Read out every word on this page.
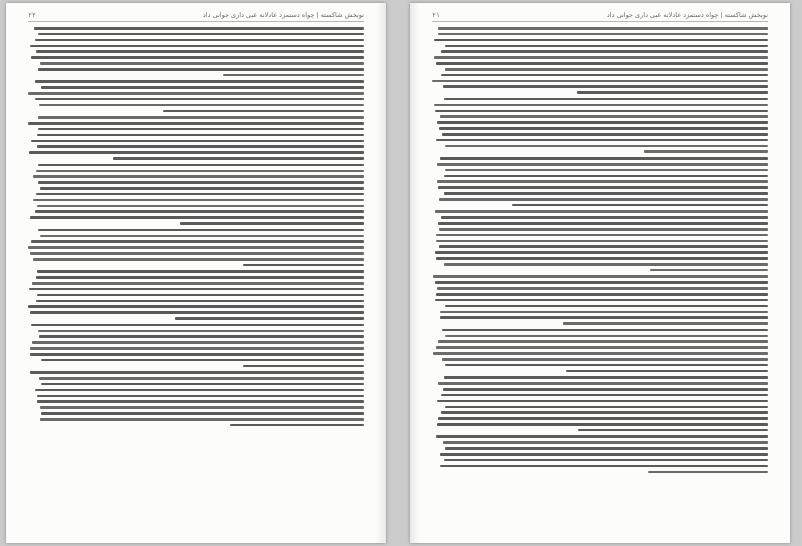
نوبخش شاکسته | چواه دستمزد عادلانه عبی داری جوانی داد
۲۲	نوبخش شاکسته | چواه دستمزد عادلانه عبی داری جوانی داد
۲۱
